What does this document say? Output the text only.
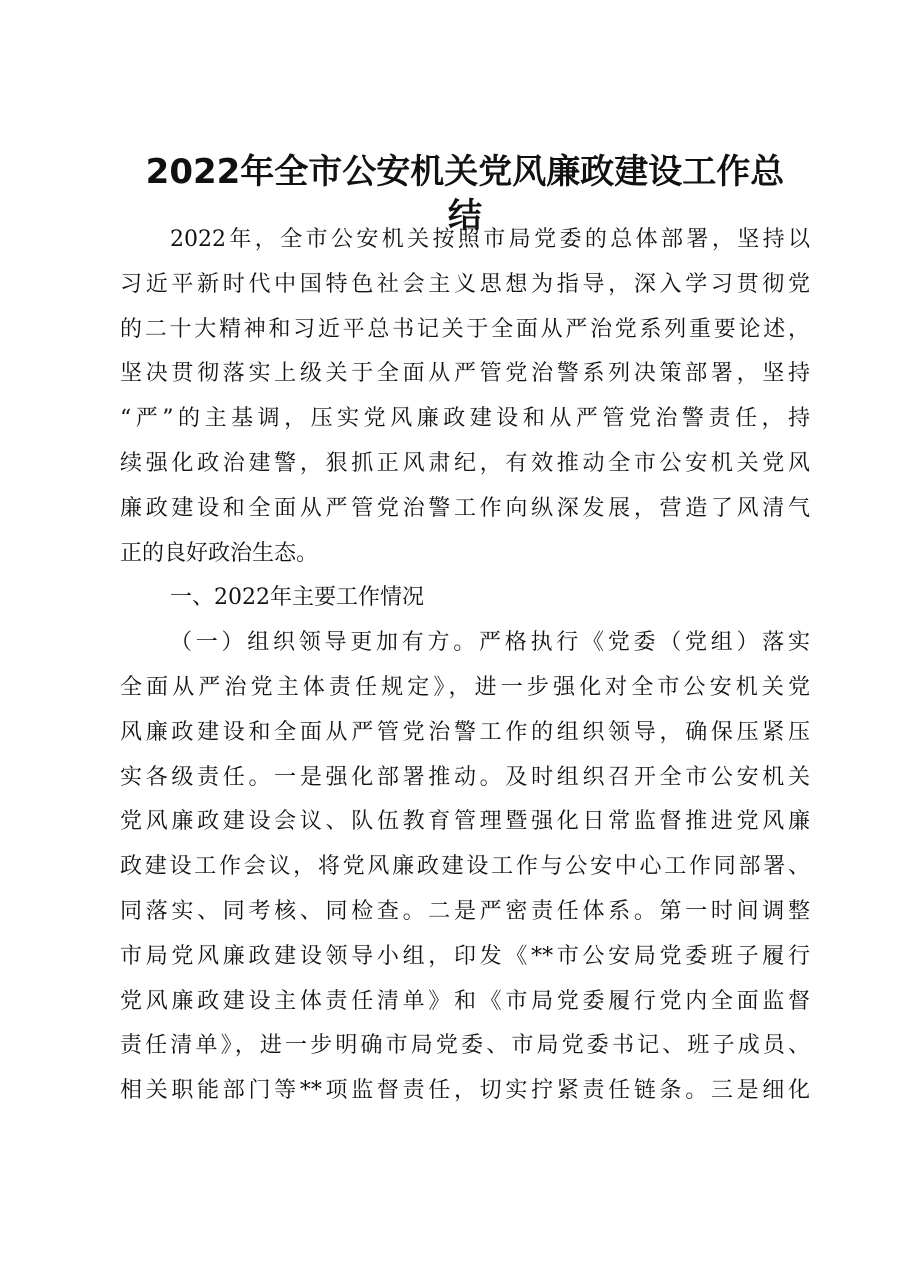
2022年全市公安机关党风廉政建设工作总
结
2022年，全市公安机关按照市局党委的总体部署，坚持以
习近平新时代中国特色社会主义思想为指导，深入学习贯彻党
的二十大精神和习近平总书记关于全面从严治党系列重要论述，
坚决贯彻落实上级关于全面从严管党治警系列决策部署，坚持
“严”的主基调，压实党风廉政建设和从严管党治警责任，持
续强化政治建警，狠抓正风肃纪，有效推动全市公安机关党风
廉政建设和全面从严管党治警工作向纵深发展，营造了风清气
正的良好政治生态。
一、2022年主要工作情况
（一）组织领导更加有方。严格执行《党委（党组）落实
全面从严治党主体责任规定》，进一步强化对全市公安机关党
风廉政建设和全面从严管党治警工作的组织领导，确保压紧压
实各级责任。一是强化部署推动。及时组织召开全市公安机关
党风廉政建设会议、队伍教育管理暨强化日常监督推进党风廉
政建设工作会议，将党风廉政建设工作与公安中心工作同部署、
同落实、同考核、同检查。二是严密责任体系。第一时间调整
市局党风廉政建设领导小组，印发《**市公安局党委班子履行
党风廉政建设主体责任清单》和《市局党委履行党内全面监督
责任清单》，进一步明确市局党委、市局党委书记、班子成员、
相关职能部门等**项监督责任，切实拧紧责任链条。三是细化
